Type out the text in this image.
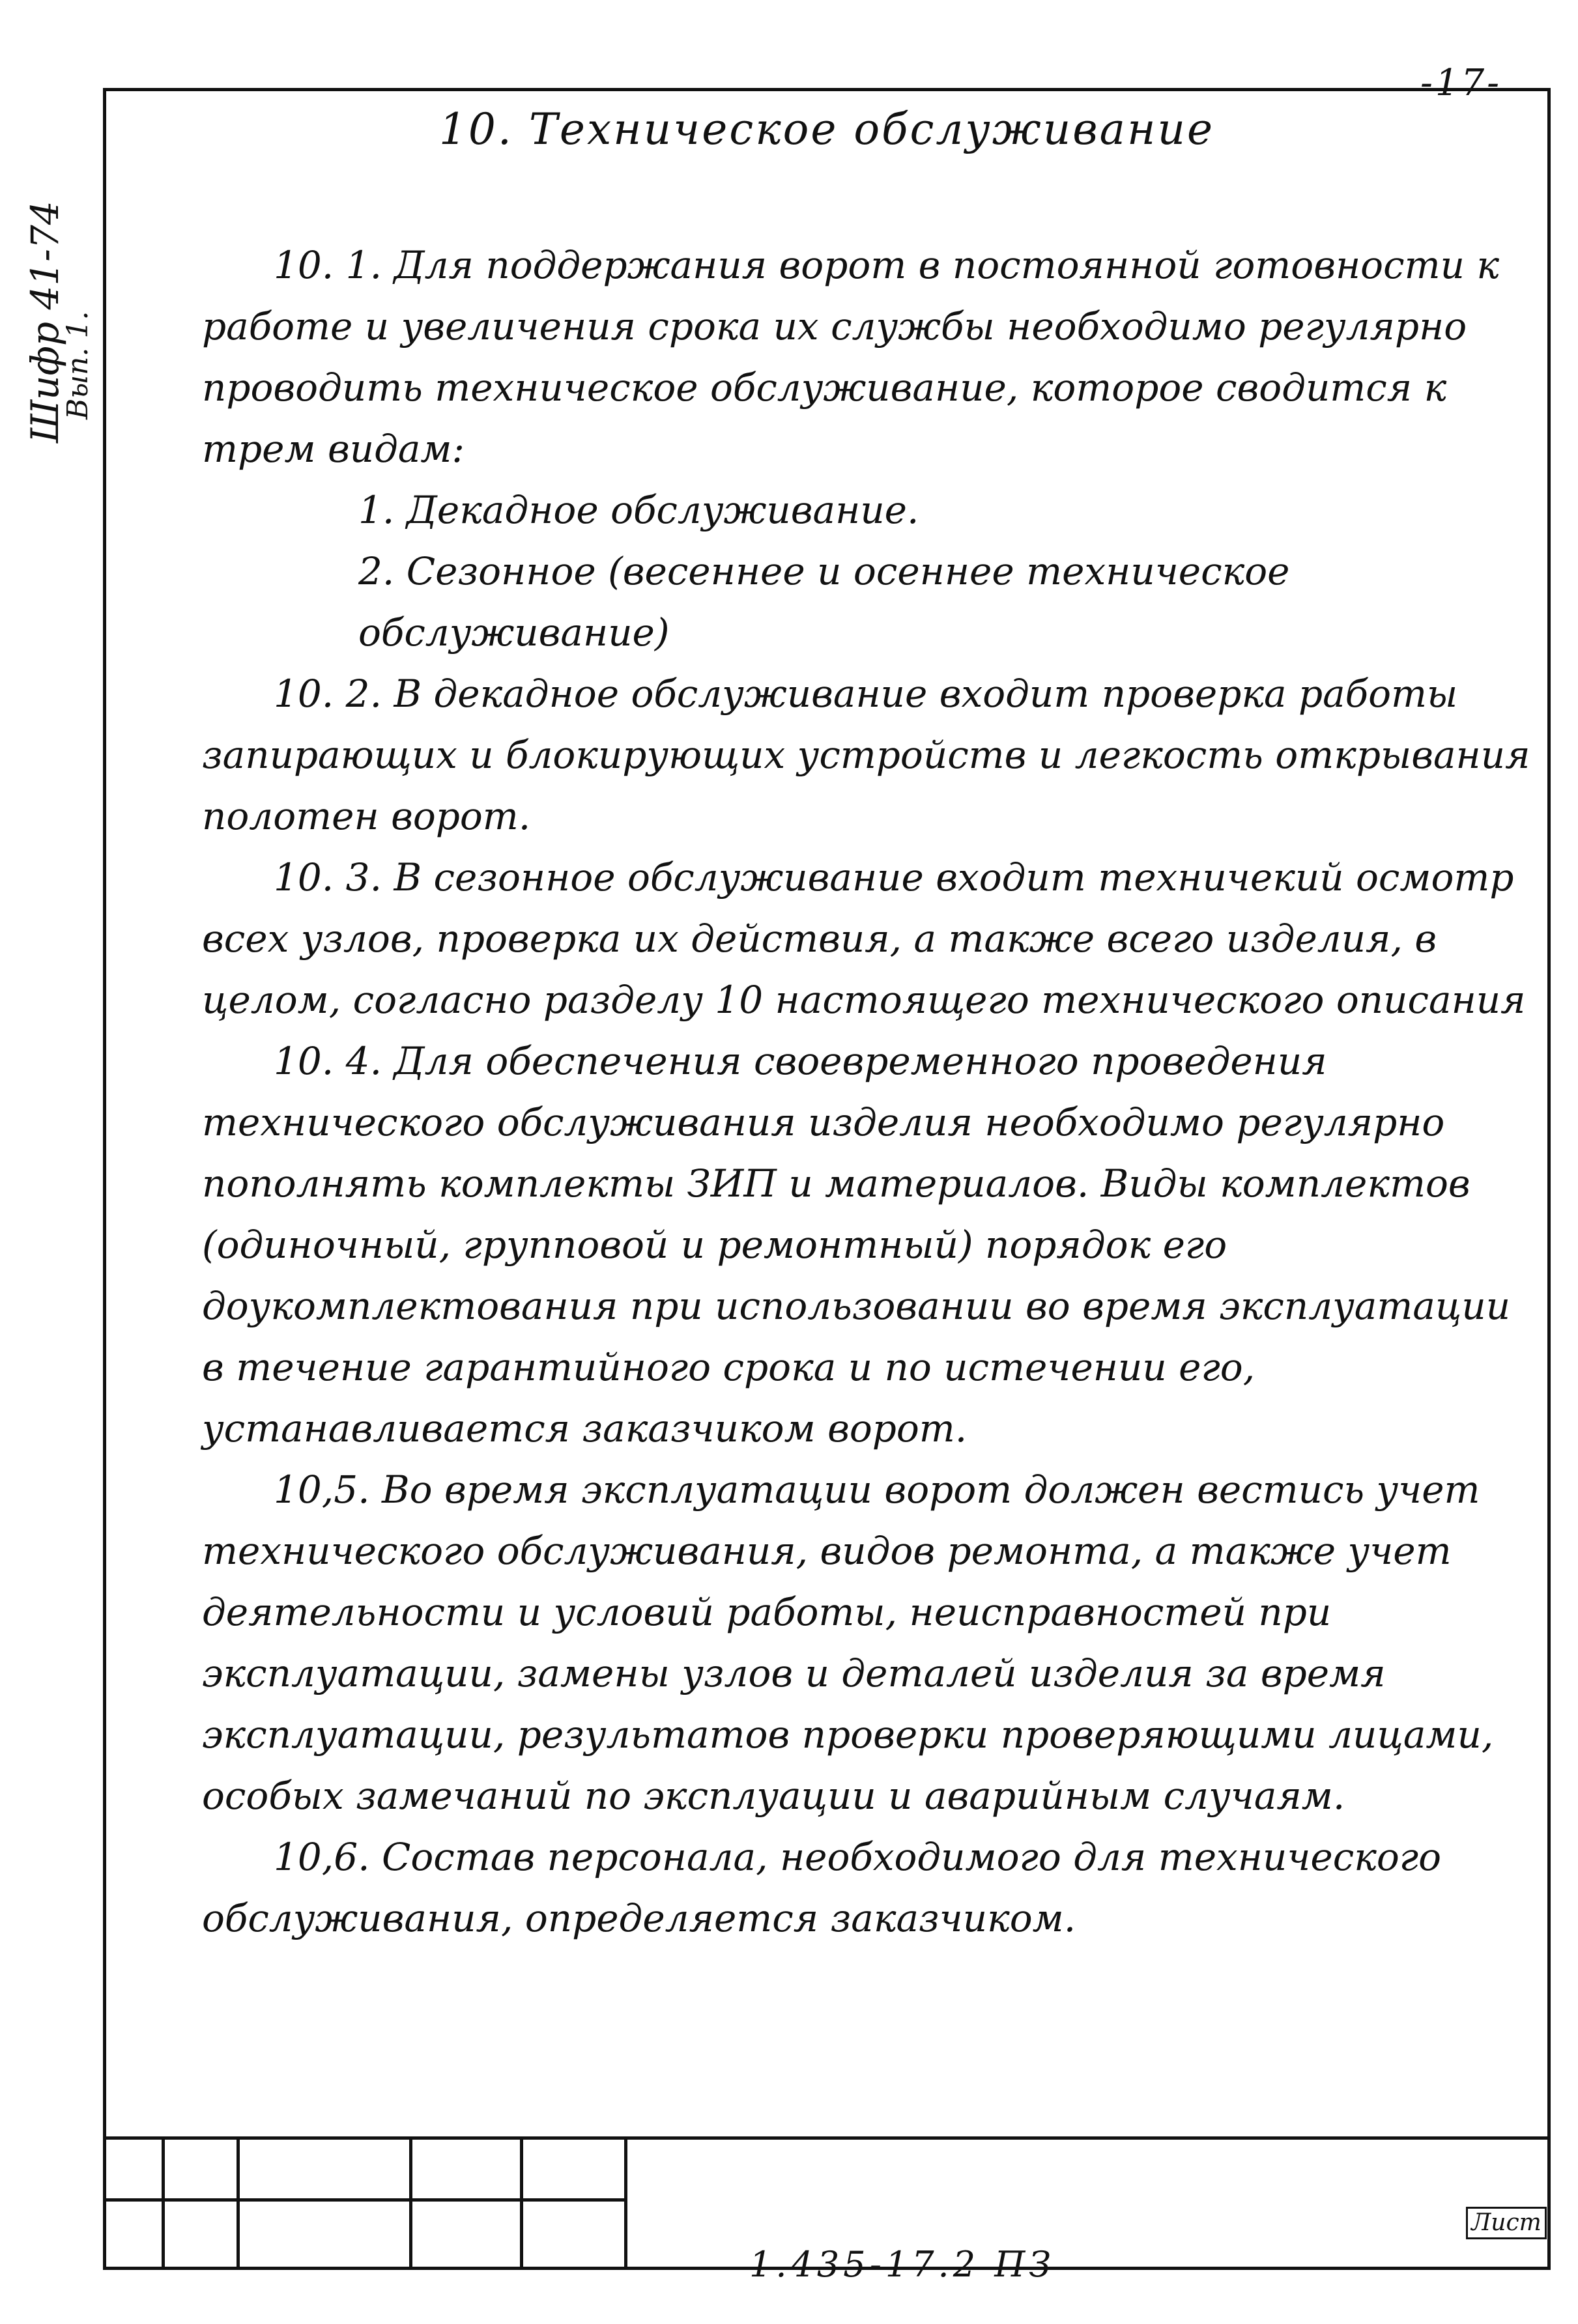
-17-
Шифр 41-74
Вып. 1.
10. Техническое обслуживание

10. 1. Для поддержания ворот в постоянной готовности к работе и увеличения срока их службы необходимо регулярно проводить техническое обслуживание, которое сводится к трем видам:

1. Декадное обслуживание.

2. Сезонное (весеннее и осеннее техническое обслуживание)

10. 2. В декадное обслуживание входит проверка работы запирающих и блокирующих устройств и легкость открывания полотен ворот.

10. 3. В сезонное обслуживание входит техничекий осмотр всех узлов, проверка их действия, а также всего изделия, в целом, согласно разделу 10 настоящего технического описания

10. 4. Для обеспечения своевременного проведения технического обслуживания изделия необходимо регулярно пополнять комплекты ЗИП и материалов. Виды комплектов (одиночный, групповой и ремонтный) порядок его доукомплектования при использовании во время эксплуатации в течение гарантийного срока и по истечении его, устанавливается заказчиком ворот.

10,5. Во время эксплуатации ворот должен вестись учет технического обслуживания, видов ремонта, а также учет деятельности и условий работы, неисправностей при эксплуатации, замены узлов и деталей изделия за время эксплуатации, результатов проверки проверяющими лицами, особых замечаний по эксплуации и аварийным случаям.

10,6. Состав персонала, необходимого для технического обслуживания, определяется заказчиком.

1.435-17.2 ПЗ
Лист
